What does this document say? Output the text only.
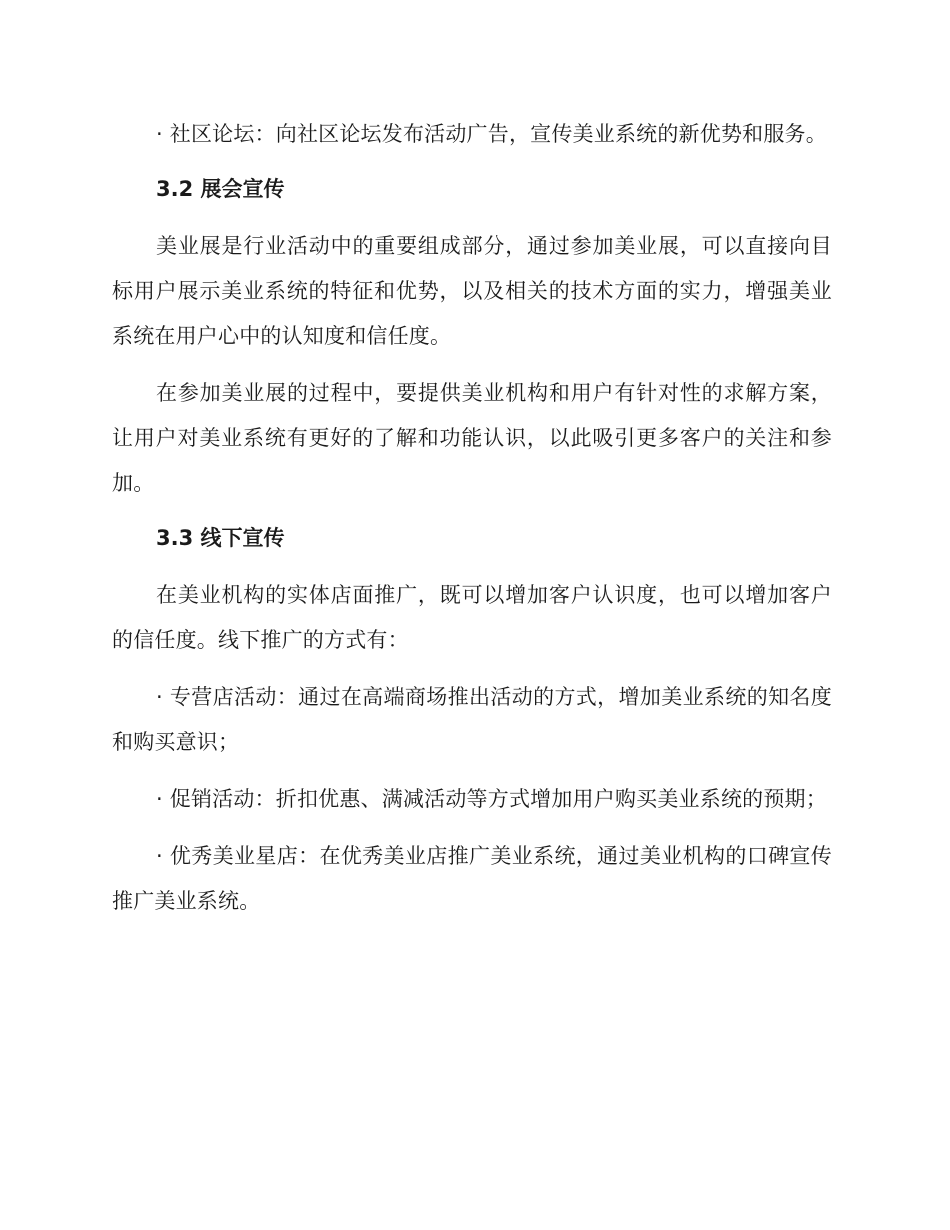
· 社区论坛：向社区论坛发布活动广告，宣传美业系统的新优势和服务。

3.2 展会宣传

美业展是行业活动中的重要组成部分，通过参加美业展，可以直接向目标用户展示美业系统的特征和优势，以及相关的技术方面的实力，增强美业系统在用户心中的认知度和信任度。

在参加美业展的过程中，要提供美业机构和用户有针对性的求解方案，让用户对美业系统有更好的了解和功能认识，以此吸引更多客户的关注和参加。

3.3 线下宣传

在美业机构的实体店面推广，既可以增加客户认识度，也可以增加客户的信任度。线下推广的方式有：

· 专营店活动：通过在高端商场推出活动的方式，增加美业系统的知名度和购买意识；

· 促销活动：折扣优惠、满减活动等方式增加用户购买美业系统的预期；

· 优秀美业星店：在优秀美业店推广美业系统，通过美业机构的口碑宣传推广美业系统。
